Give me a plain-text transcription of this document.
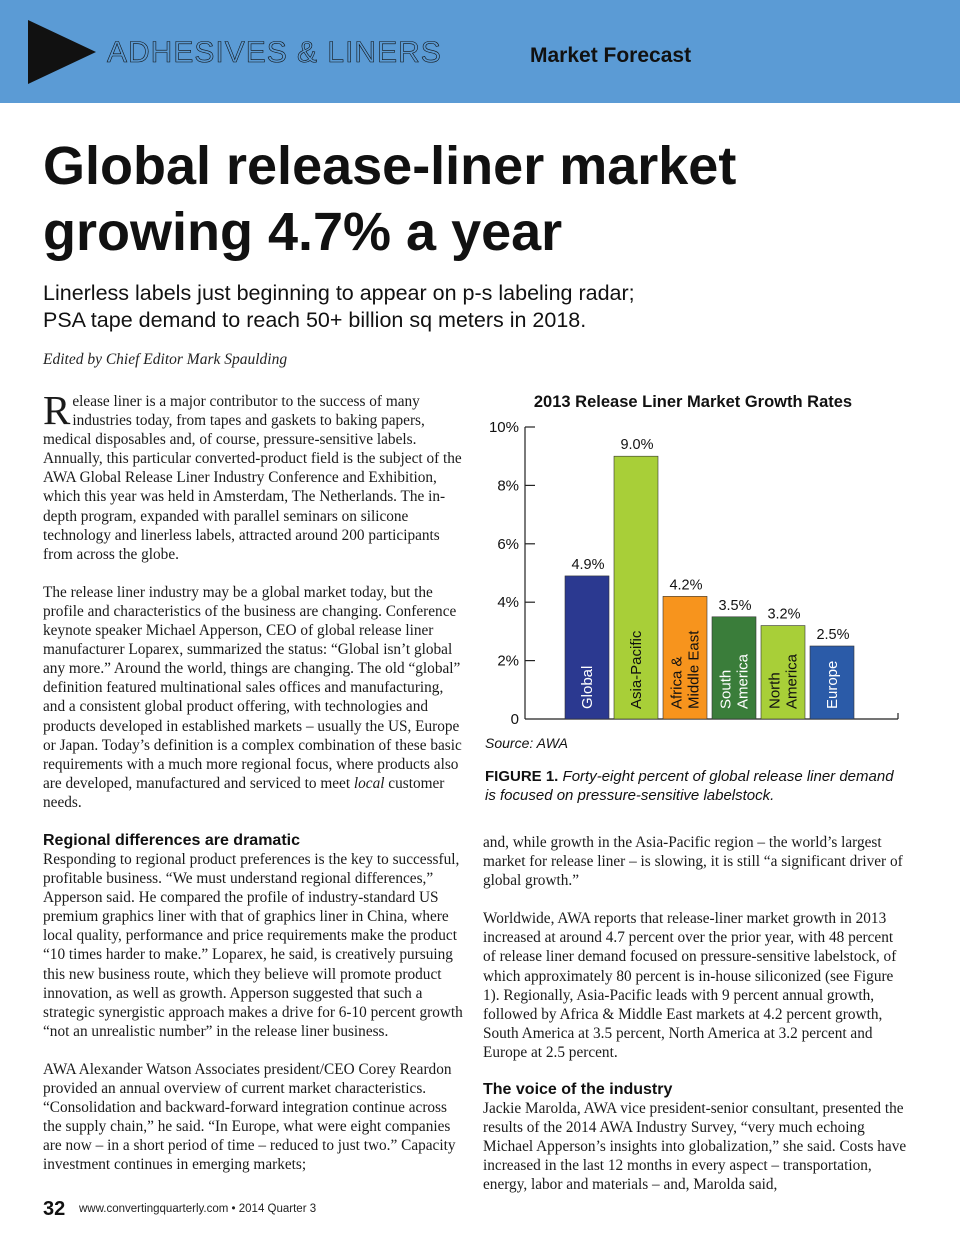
ADHESIVES & LINERS	Market Forecast
Global release-liner market
growing 4.7% a year
Linerless labels just beginning to appear on p-s labeling radar;
PSA tape demand to reach 50+ billion sq meters in 2018.
Edited by Chief Editor Mark Spaulding

Release liner is a major contributor to the success of many industries today, from tapes and gaskets to baking papers, medical disposables and, of course, pressure-sensitive labels. Annually, this particular converted-product field is the subject of the AWA Global Release Liner Industry Conference and Exhibition, which this year was held in Amsterdam, The Netherlands. The in-depth program, expanded with parallel seminars on silicone technology and linerless labels, attracted around 200 participants from across the globe.

The release liner industry may be a global market today, but the profile and characteristics of the business are changing. Conference keynote speaker Michael Apperson, CEO of global release liner manufacturer Loparex, summarized the status: “Global isn’t global any more.” Around the world, things are changing. The old “global” definition featured multinational sales offices and manufacturing, and a consistent global product offering, with technologies and products developed in established markets – usually the US, Europe or Japan. Today’s definition is a complex combination of these basic requirements with a much more regional focus, where products also are developed, manufactured and serviced to meet local customer needs.

Regional differences are dramatic

Responding to regional product preferences is the key to successful, profitable business. “We must understand regional differences,” Apperson said. He compared the profile of industry-standard US premium graphics liner with that of graphics liner in China, where local quality, performance and price requirements make the product “10 times harder to make.” Loparex, he said, is creatively pursuing this new business route, which they believe will promote product innovation, as well as growth. Apperson suggested that such a strategic synergistic approach makes a drive for 6-10 percent growth “not an unrealistic number” in the release liner business.

AWA Alexander Watson Associates president/CEO Corey Reardon provided an annual overview of current market characteristics. “Consolidation and backward-forward integration continue across the supply chain,” he said. “In Europe, what were eight companies are now – in a short period of time – reduced to just two.” Capacity investment continues in emerging markets;

2013 Release Liner Market Growth Rates
0
2%
4%
6%
8%
10%
4.9%
Global
9.0%
Asia-Pacific
4.2%
Africa & Middle East
3.5%
South America
3.2%
North America
2.5%
Europe
Source: AWA
FIGURE 1. Forty-eight percent of global release liner demand is focused on pressure-sensitive labelstock.

and, while growth in the Asia-Pacific region – the world’s largest market for release liner – is slowing, it is still “a significant driver of global growth.”

Worldwide, AWA reports that release-liner market growth in 2013 increased at around 4.7 percent over the prior year, with 48 percent of release liner demand focused on pressure-sensitive labelstock, of which approximately 80 percent is in-house siliconized (see Figure 1). Regionally, Asia-Pacific leads with 9 percent annual growth, followed by Africa & Middle East markets at 4.2 percent growth, South America at 3.5 percent, North America at 3.2 percent and Europe at 2.5 percent.

The voice of the industry

Jackie Marolda, AWA vice president-senior consultant, presented the results of the 2014 AWA Industry Survey, “very much echoing Michael Apperson’s insights into globalization,” she said. Costs have increased in the last 12 months in every aspect – transportation, energy, labor and materials – and, Marolda said,

32 www.convertingquarterly.com • 2014 Quarter 3
